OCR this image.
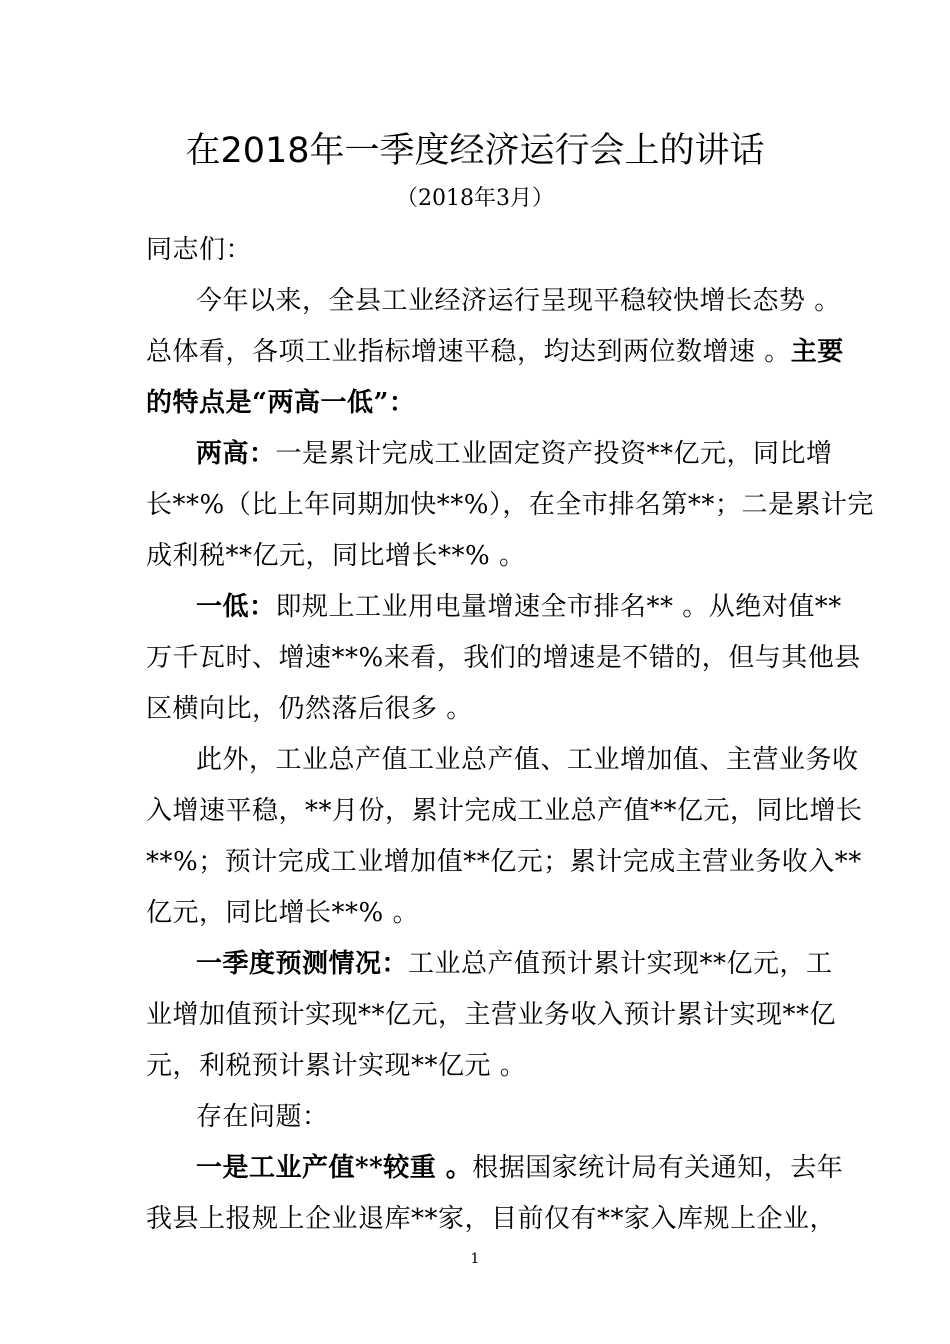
在2018年一季度经济运行会上的讲话
（2018年3月）
同志们：
今年以来，全县工业经济运行呈现平稳较快增长态势 。
总体看，各项工业指标增速平稳，均达到两位数增速 。主要
的特点是“两高一低”：
两高：一是累计完成工业固定资产投资**亿元，同比增
长**%（比上年同期加快**%），在全市排名第**；二是累计完
成利税**亿元，同比增长**% 。
一低：即规上工业用电量增速全市排名** 。从绝对值**
万千瓦时、增速**%来看，我们的增速是不错的，但与其他县
区横向比，仍然落后很多 。
此外，工业总产值工业总产值、工业增加值、主营业务收
入增速平稳，**月份，累计完成工业总产值**亿元，同比增长
**%；预计完成工业增加值**亿元；累计完成主营业务收入**
亿元，同比增长**% 。
一季度预测情况：工业总产值预计累计实现**亿元，工
业增加值预计实现**亿元，主营业务收入预计累计实现**亿
元，利税预计累计实现**亿元 。
存在问题：
一是工业产值**较重 。根据国家统计局有关通知，去年
我县上报规上企业退库**家，目前仅有**家入库规上企业，
1
